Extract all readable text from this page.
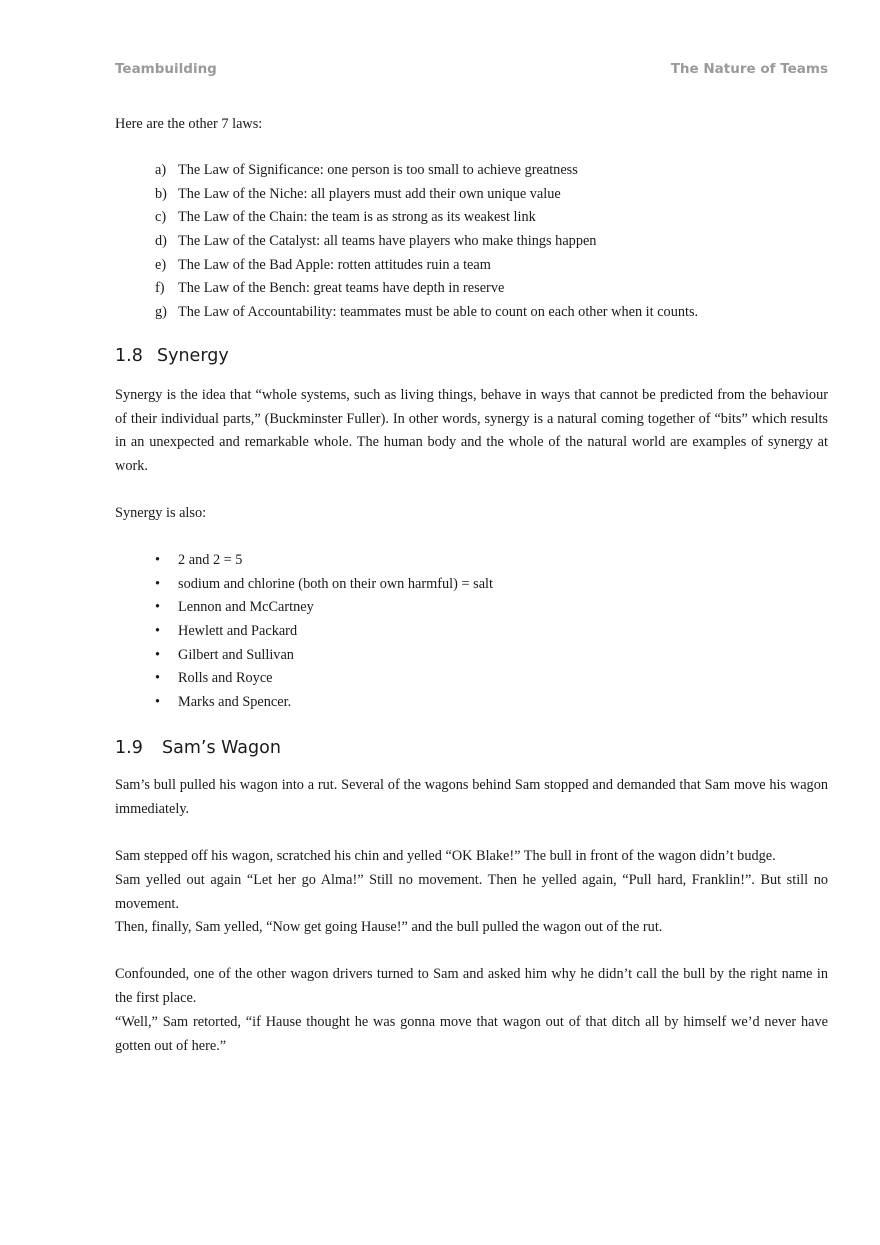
Teambuilding	The Nature of Teams

Here are the other 7 laws:

a) The Law of Significance: one person is too small to achieve greatness
b) The Law of the Niche: all players must add their own unique value
c) The Law of the Chain: the team is as strong as its weakest link
d) The Law of the Catalyst: all teams have players who make things happen
e) The Law of the Bad Apple: rotten attitudes ruin a team
f) The Law of the Bench: great teams have depth in reserve
g) The Law of Accountability: teammates must be able to count on each other when it counts.
1.8 Synergy

Synergy is the idea that “whole systems, such as living things, behave in ways that cannot be predicted from the behaviour of their individual parts,” (Buckminster Fuller). In other words, synergy is a natural coming together of “bits” which results in an unexpected and remarkable whole. The human body and the whole of the natural world are examples of synergy at work.

Synergy is also:

• 2 and 2 = 5
• sodium and chlorine (both on their own harmful) = salt
• Lennon and McCartney
• Hewlett and Packard
• Gilbert and Sullivan
• Rolls and Royce
• Marks and Spencer.
1.9 Sam’s Wagon

Sam’s bull pulled his wagon into a rut. Several of the wagons behind Sam stopped and demanded that Sam move his wagon immediately.

Sam stepped off his wagon, scratched his chin and yelled “OK Blake!” The bull in front of the wagon didn’t budge.

Sam yelled out again “Let her go Alma!” Still no movement. Then he yelled again, “Pull hard, Franklin!”. But still no movement.

Then, finally, Sam yelled, “Now get going Hause!” and the bull pulled the wagon out of the rut.

Confounded, one of the other wagon drivers turned to Sam and asked him why he didn’t call the bull by the right name in the first place.

“Well,” Sam retorted, “if Hause thought he was gonna move that wagon out of that ditch all by himself we’d never have gotten out of here.”
